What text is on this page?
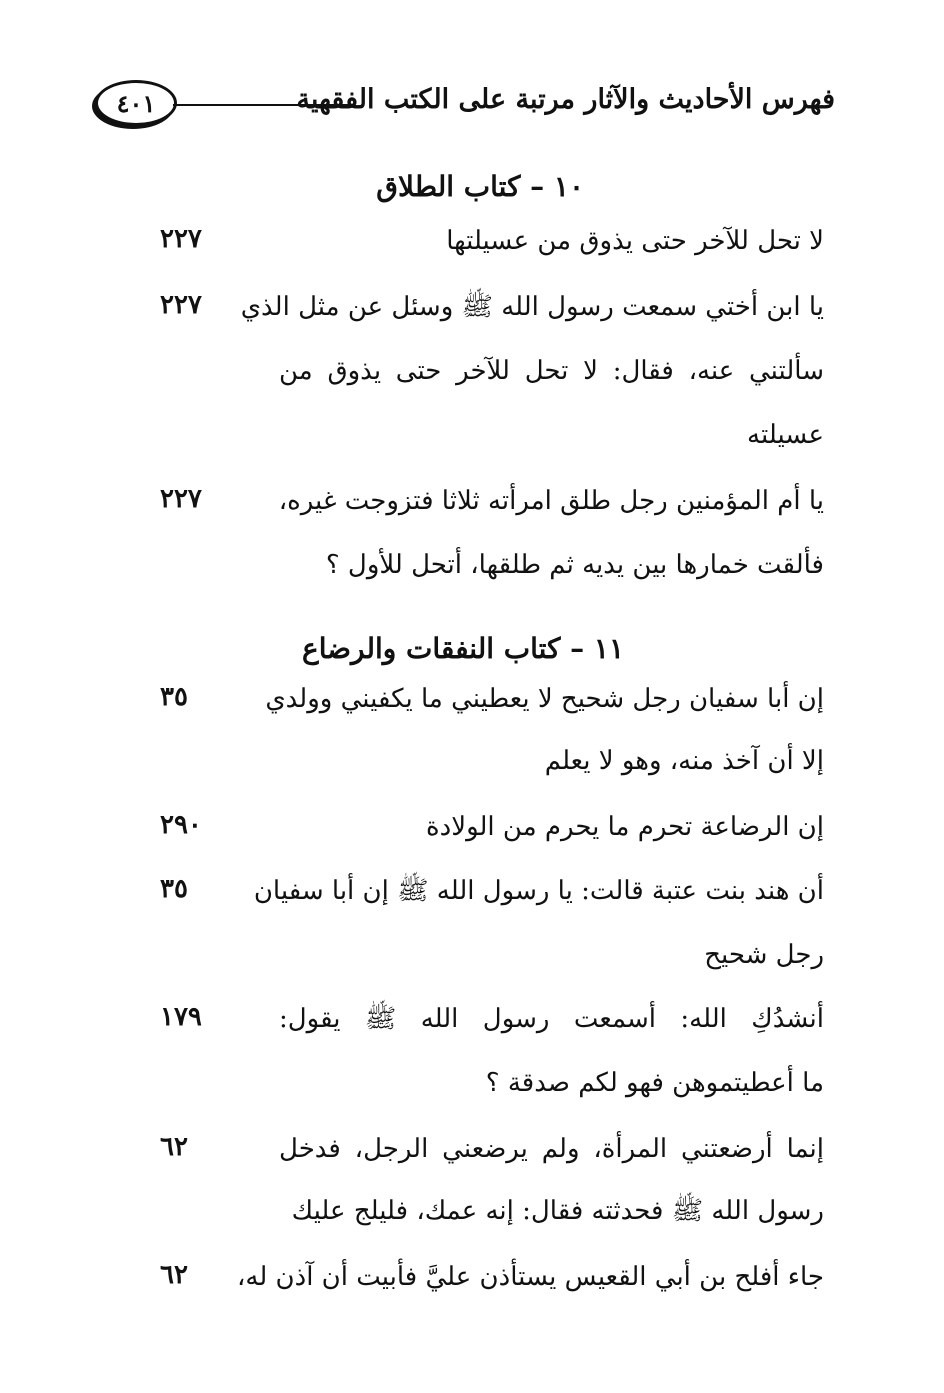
٤٠١	فهرس الأحاديث والآثار مرتبة على الكتب الفقهية
١٠ – كتاب الطلاق
٢٢٧	لا تحل للآخر حتى يذوق من عسيلتها
٢٢٧	يا ابن أختي سمعت رسول الله ﷺ وسئل عن مثل الذي
سألتني عنه، فقال: لا تحل للآخر حتى يذوق من
عسيلته
٢٢٧	يا أم المؤمنين رجل طلق امرأته ثلاثا فتزوجت غيره،
فألقت خمارها بين يديه ثم طلقها، أتحل للأول ؟
١١ – كتاب النفقات والرضاع
٣٥	إن أبا سفيان رجل شحيح لا يعطيني ما يكفيني وولدي
إلا أن آخذ منه، وهو لا يعلم
٢٩٠	إن الرضاعة تحرم ما يحرم من الولادة
٣٥	أن هند بنت عتبة قالت: يا رسول الله ﷺ إن أبا سفيان
رجل شحيح
١٧٩	أنشدُكِ الله: أسمعت رسول الله ﷺ يقول:
ما أعطيتموهن فهو لكم صدقة ؟
٦٢	إنما أرضعتني المرأة، ولم يرضعني الرجل، فدخل
رسول الله ﷺ فحدثته فقال: إنه عمك، فليلج عليك
٦٢	جاء أفلح بن أبي القعيس يستأذن عليَّ فأبيت أن آذن له،
